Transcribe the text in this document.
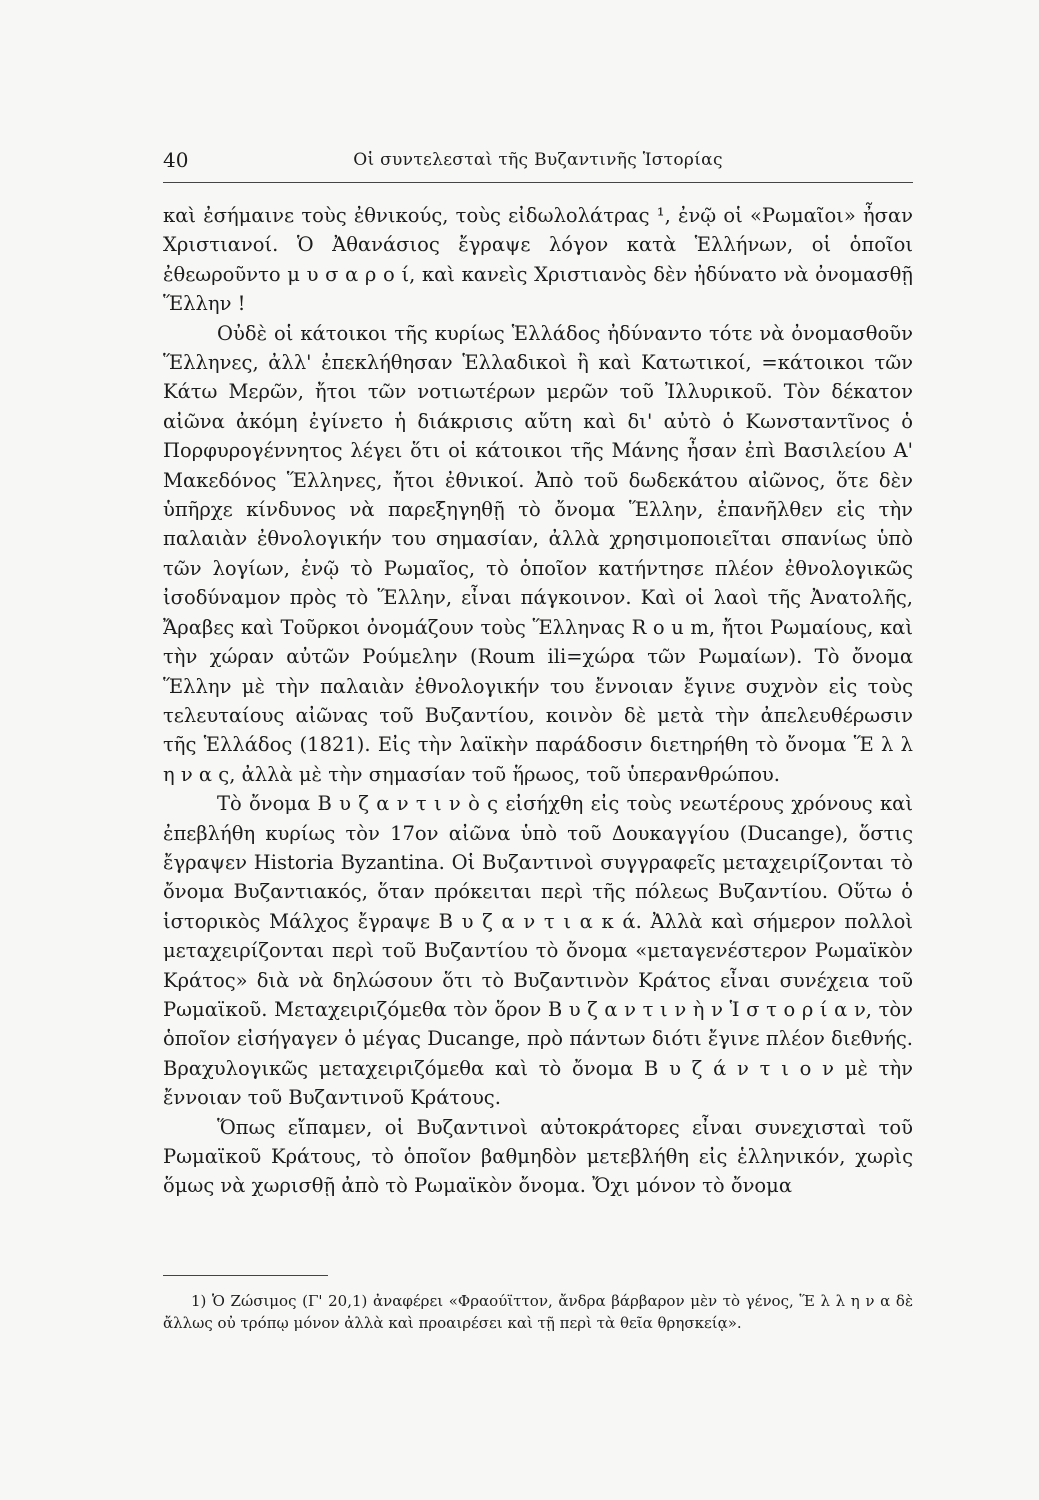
40	Οἱ συντελεσταὶ τῆς Βυζαντινῆς Ἱστορίας

καὶ ἐσήμαινε τοὺς ἐθνικούς, τοὺς εἰδωλολάτρας ¹, ἐνῷ οἱ «Ρωμαῖοι» ἦσαν Χριστιανοί. Ὁ Ἀθανάσιος ἔγραψε λόγον κατὰ Ἑλλήνων, οἱ ὁποῖοι ἐθεωροῦντο μ υ σ α ρ ο ί, καὶ κανεὶς Χριστιανὸς δὲν ἠδύνατο νὰ ὀνομασθῇ Ἕλλην !

Οὐδὲ οἱ κάτοικοι τῆς κυρίως Ἑλλάδος ἠδύναντο τότε νὰ ὀνομασθοῦν Ἕλληνες, ἀλλ' ἐπεκλήθησαν Ἑλλαδικοὶ ἢ καὶ Κατωτικοί, =κάτοικοι τῶν Κάτω Μερῶν, ἤτοι τῶν νοτιωτέρων μερῶν τοῦ Ἰλλυρικοῦ. Τὸν δέκατον αἰῶνα ἀκόμη ἐγίνετο ἡ διάκρισις αὕτη καὶ δι' αὐτὸ ὁ Κωνσταντῖνος ὁ Πορφυρογέννητος λέγει ὅτι οἱ κάτοικοι τῆς Μάνης ἦσαν ἐπὶ Βασιλείου Α' Μακεδόνος Ἕλληνες, ἤτοι ἐθνικοί. Ἀπὸ τοῦ δωδεκάτου αἰῶνος, ὅτε δὲν ὑπῆρχε κίνδυνος νὰ παρεξηγηθῇ τὸ ὄνομα Ἕλλην, ἐπανῆλθεν εἰς τὴν παλαιὰν ἐθνολογικήν του σημασίαν, ἀλλὰ χρησιμοποιεῖται σπανίως ὑπὸ τῶν λογίων, ἐνῷ τὸ Ρωμαῖος, τὸ ὁποῖον κατήντησε πλέον ἐθνολογικῶς ἰσοδύναμον πρὸς τὸ Ἕλλην, εἶναι πάγκοινον. Καὶ οἱ λαοὶ τῆς Ἀνατολῆς, Ἄραβες καὶ Τοῦρκοι ὀνομάζουν τοὺς Ἕλληνας R o u m, ἤτοι Ρωμαίους, καὶ τὴν χώραν αὐτῶν Ρούμελην (Roum ili=χώρα τῶν Ρωμαίων). Τὸ ὄνομα Ἕλλην μὲ τὴν παλαιὰν ἐθνολογικήν του ἔννοιαν ἔγινε συχνὸν εἰς τοὺς τελευταίους αἰῶνας τοῦ Βυζαντίου, κοινὸν δὲ μετὰ τὴν ἀπελευθέρωσιν τῆς Ἑλλάδος (1821). Εἰς τὴν λαϊκὴν παράδοσιν διετηρήθη τὸ ὄνομα Ἕ λ λ η ν α ς, ἀλλὰ μὲ τὴν σημασίαν τοῦ ἥρωος, τοῦ ὑπερανθρώπου.

Τὸ ὄνομα Β υ ζ α ν τ ι ν ὸ ς εἰσήχθη εἰς τοὺς νεωτέρους χρόνους καὶ ἐπεβλήθη κυρίως τὸν 17ον αἰῶνα ὑπὸ τοῦ Δουκαγγίου (Ducange), ὅστις ἔγραψεν Historia Byzantina. Οἱ Βυζαντινοὶ συγγραφεῖς μεταχειρίζονται τὸ ὄνομα Βυζαντιακός, ὅταν πρόκειται περὶ τῆς πόλεως Βυζαντίου. Οὕτω ὁ ἱστορικὸς Μάλχος ἔγραψε Β υ ζ α ν τ ι α κ ά. Ἀλλὰ καὶ σήμερον πολλοὶ μεταχειρίζονται περὶ τοῦ Βυζαντίου τὸ ὄνομα «μεταγενέστερον Ρωμαϊκὸν Κράτος» διὰ νὰ δηλώσουν ὅτι τὸ Βυζαντινὸν Κράτος εἶναι συνέχεια τοῦ Ρωμαϊκοῦ. Μεταχειριζόμεθα τὸν ὅρον Β υ ζ α ν τ ι ν ὴ ν Ἱ σ τ ο ρ ί α ν, τὸν ὁποῖον εἰσήγαγεν ὁ μέγας Ducange, πρὸ πάντων διότι ἔγινε πλέον διεθνής. Βραχυλογικῶς μεταχειριζόμεθα καὶ τὸ ὄνομα Β υ ζ ά ν τ ι ο ν μὲ τὴν ἔννοιαν τοῦ Βυζαντινοῦ Κράτους.

Ὅπως εἴπαμεν, οἱ Βυζαντινοὶ αὐτοκράτορες εἶναι συνεχισταὶ τοῦ Ρωμαϊκοῦ Κράτους, τὸ ὁποῖον βαθμηδὸν μετεβλήθη εἰς ἑλληνικόν, χωρὶς ὅμως νὰ χωρισθῇ ἀπὸ τὸ Ρωμαϊκὸν ὄνομα. Ὄχι μόνον τὸ ὄνομα

1) Ὁ Ζώσιμος (Γ' 20,1) ἀναφέρει «Φραούϊττον, ἄνδρα βάρβαρον μὲν τὸ γένος, Ἕ λ λ η ν α δὲ ἄλλως οὐ τρόπῳ μόνον ἀλλὰ καὶ προαιρέσει καὶ τῇ περὶ τὰ θεῖα θρησκείᾳ».
